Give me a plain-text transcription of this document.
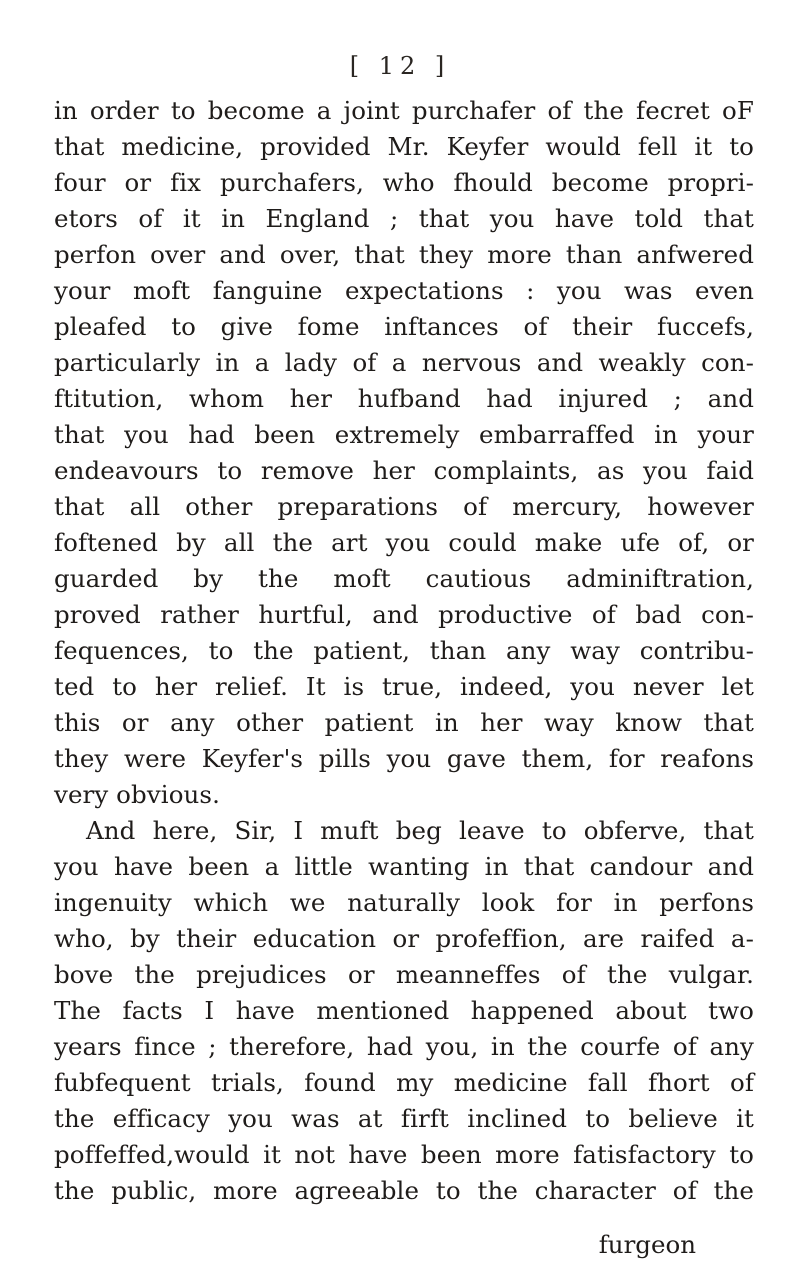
[ 12 ]
in order to become a joint purchafer of the fecret oF
that medicine, provided Mr. Keyfer would fell it to
four or fix purchafers, who fhould become propri-
etors of it in England ; that you have told that
perfon over and over, that they more than anfwered
your moft fanguine expectations : you was even
pleafed to give fome inftances of their fuccefs,
particularly in a lady of a nervous and weakly con-
ftitution, whom her hufband had injured ; and
that you had been extremely embarraffed in your
endeavours to remove her complaints, as you faid
that all other preparations of mercury, however
foftened by all the art you could make ufe of, or
guarded by the moft cautious adminiftration,
proved rather hurtful, and productive of bad con-
fequences, to the patient, than any way contribu-
ted to her relief. It is true, indeed, you never let
this or any other patient in her way know that
they were Keyfer's pills you gave them, for reafons
very obvious.
And here, Sir, I muft beg leave to obferve, that
you have been a little wanting in that candour and
ingenuity which we naturally look for in perfons
who, by their education or profeffion, are raifed a-
bove the prejudices or meanneffes of the vulgar.
The facts I have mentioned happened about two
years fince ; therefore, had you, in the courfe of any
fubfequent trials, found my medicine fall fhort of
the efficacy you was at firft inclined to believe it
poffeffed,would it not have been more fatisfactory to
the public, more agreeable to the character of the
furgeon
